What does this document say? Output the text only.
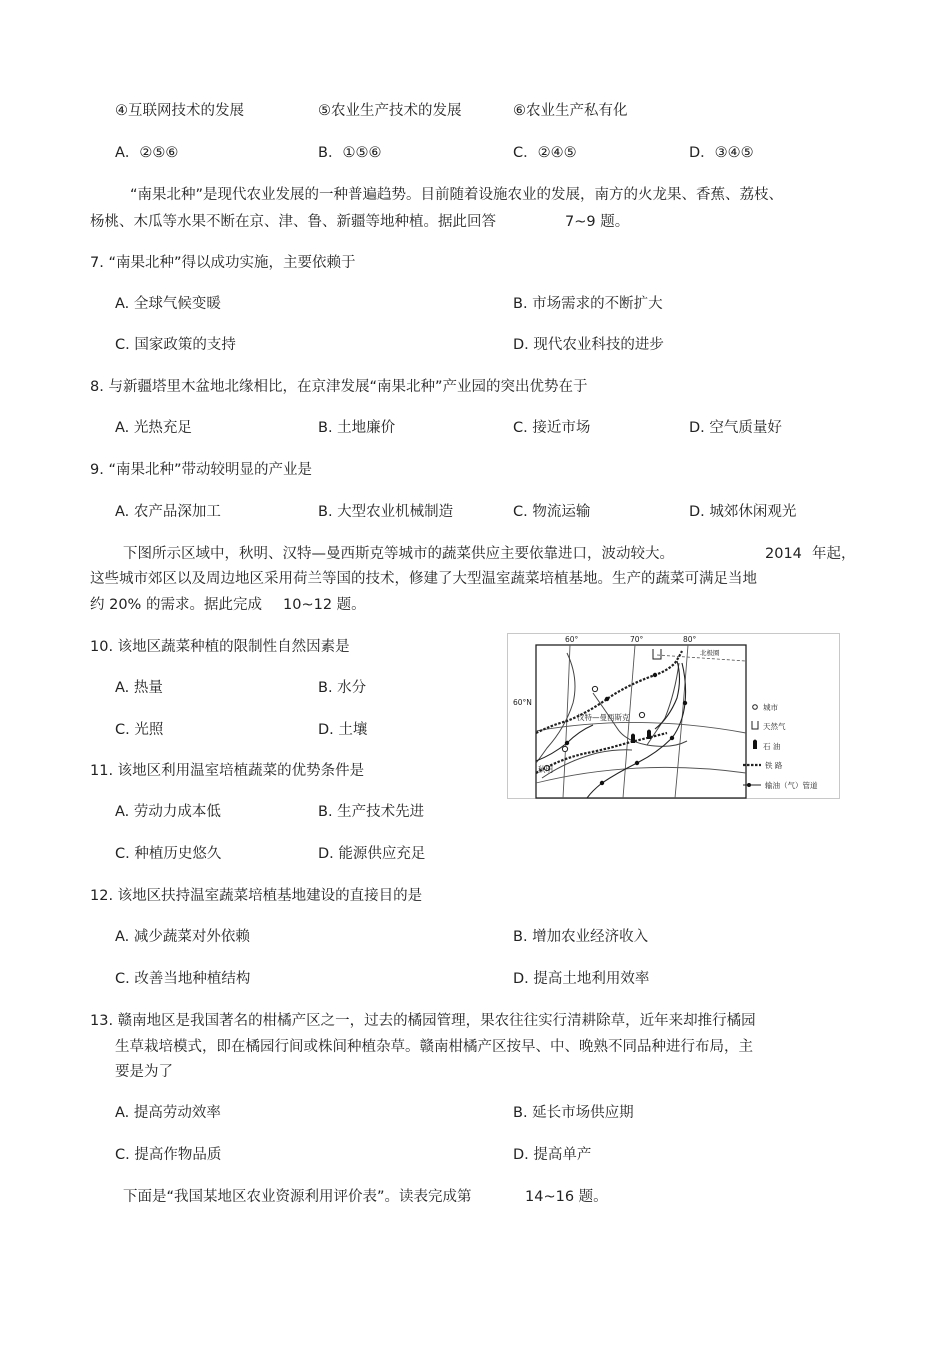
④互联网技术的发展	⑤农业生产技术的发展	⑥农业生产私有化
A．②⑤⑥	B．①⑤⑥	C．②④⑤	D．③④⑤
“南果北种”是现代农业发展的一种普遍趋势。目前随着设施农业的发展，南方的火龙果、香蕉、荔枝、
杨桃、木瓜等水果不断在京、津、鲁、新疆等地种植。据此回答	7~9 题。
7. “南果北种”得以成功实施，主要依赖于
A. 全球气候变暖	B. 市场需求的不断扩大
C. 国家政策的支持	D. 现代农业科技的进步
8. 与新疆塔里木盆地北缘相比，在京津发展“南果北种”产业园的突出优势在于
A. 光热充足	B. 土地廉价	C. 接近市场	D. 空气质量好
9. “南果北种”带动较明显的产业是
A. 农产品深加工	B. 大型农业机械制造	C. 物流运输	D. 城郊休闲观光
下图所示区域中，秋明、汉特—曼西斯克等城市的蔬菜供应主要依靠进口，波动较大。	2014 年起，
这些城市郊区以及周边地区采用荷兰等国的技术，修建了大型温室蔬菜培植基地。生产的蔬菜可满足当地
约 20% 的需求。据此完成 10~12 题。
10. 该地区蔬菜种植的限制性自然因素是
A. 热量	B. 水分
C. 光照	D. 土壤
11. 该地区利用温室培植蔬菜的优势条件是
A. 劳动力成本低	B. 生产技术先进
C. 种植历史悠久	D. 能源供应充足
12. 该地区扶持温室蔬菜培植基地建设的直接目的是
A. 减少蔬菜对外依赖	B. 增加农业经济收入
C. 改善当地种植结构	D. 提高土地利用效率
13. 赣南地区是我国著名的柑橘产区之一，过去的橘园管理，果农往往实行清耕除草，近年来却推行橘园
生草栽培模式，即在橘园行间或株间种植杂草。赣南柑橘产区按早、中、晚熟不同品种进行布局，主
要是为了
A. 提高劳动效率	B. 延长市场供应期
C. 提高作物品质	D. 提高单产
下面是“我国某地区农业资源利用评价表”。读表完成第	14~16 题。
60°	70°	80°
60°N
北极圈
汉特—曼西斯克
秋明
城市
天然气
石 油
铁 路
输油（气）管道
